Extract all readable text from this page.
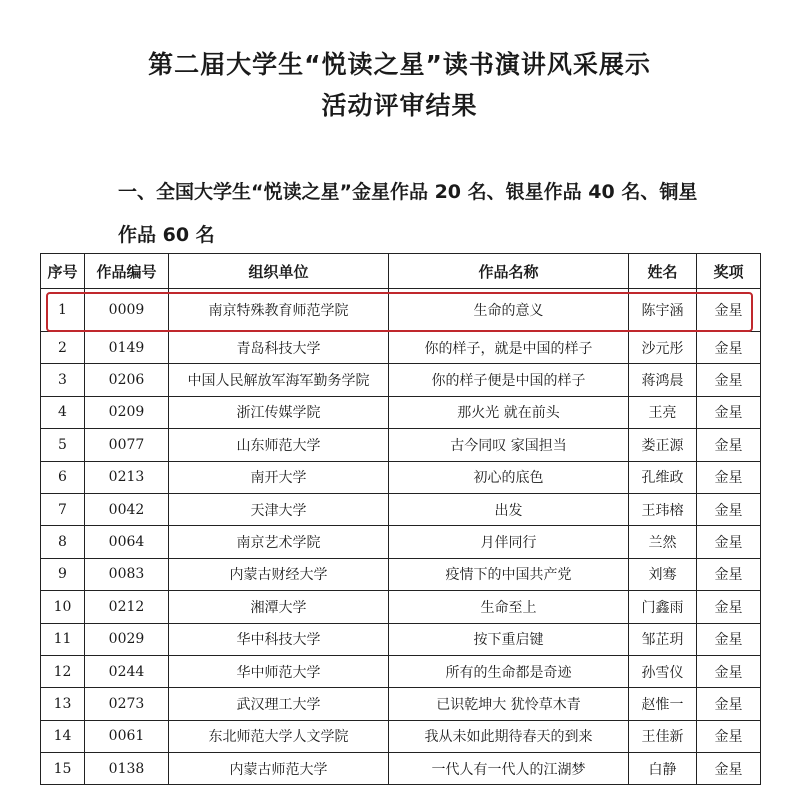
第二届大学生“悦读之星”读书演讲风采展示
活动评审结果
一、全国大学生“悦读之星”金星作品 20 名、银星作品 40 名、铜星
作品 60 名
序号	作品编号	组织单位	作品名称	姓名	奖项
1	0009	南京特殊教育师范学院	生命的意义	陈宇涵	金星
2	0149	青岛科技大学	你的样子，就是中国的样子	沙元彤	金星
3	0206	中国人民解放军海军勤务学院	你的样子便是中国的样子	蒋鸿晨	金星
4	0209	浙江传媒学院	那火光 就在前头	王亮	金星
5	0077	山东师范大学	古今同叹 家国担当	娄正源	金星
6	0213	南开大学	初心的底色	孔维政	金星
7	0042	天津大学	出发	王玮榕	金星
8	0064	南京艺术学院	月伴同行	兰然	金星
9	0083	内蒙古财经大学	疫情下的中国共产党	刘骞	金星
10	0212	湘潭大学	生命至上	门鑫雨	金星
11	0029	华中科技大学	按下重启键	邹芷玥	金星
12	0244	华中师范大学	所有的生命都是奇迹	孙雪仪	金星
13	0273	武汉理工大学	已识乾坤大 犹怜草木青	赵惟一	金星
14	0061	东北师范大学人文学院	我从未如此期待春天的到来	王佳新	金星
15	0138	内蒙古师范大学	一代人有一代人的江湖梦	白静	金星
